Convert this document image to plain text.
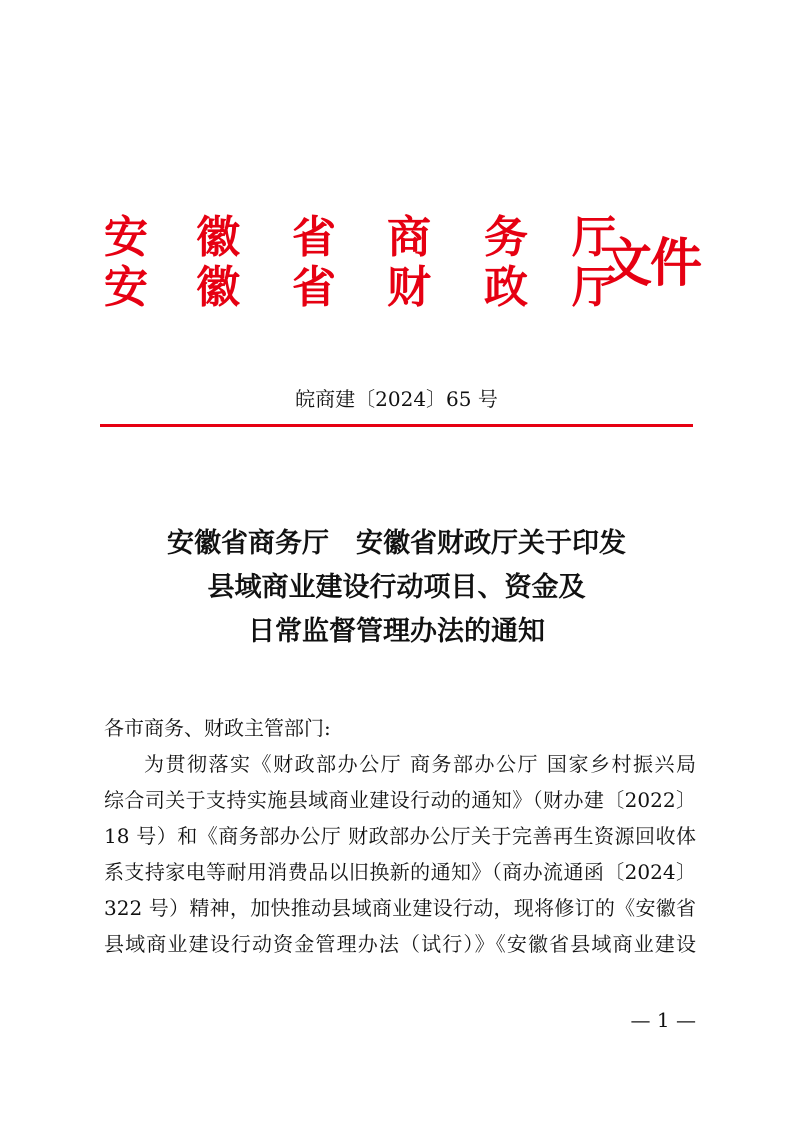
安 徽 省 商 务 厅
安 徽 省 财 政 厅
文件
皖商建〔2024〕65 号
安徽省商务厅　安徽省财政厅关于印发
县域商业建设行动项目、资金及
日常监督管理办法的通知
各市商务、财政主管部门:
为贯彻落实《财政部办公厅 商务部办公厅 国家乡村振兴局
综合司关于支持实施县域商业建设行动的通知》（财办建〔2022〕
18 号）和《商务部办公厅 财政部办公厅关于完善再生资源回收体
系支持家电等耐用消费品以旧换新的通知》（商办流通函〔2024〕
322 号）精神，加快推动县域商业建设行动，现将修订的《安徽省
县域商业建设行动资金管理办法（试行）》《安徽省县域商业建设
— 1 —
